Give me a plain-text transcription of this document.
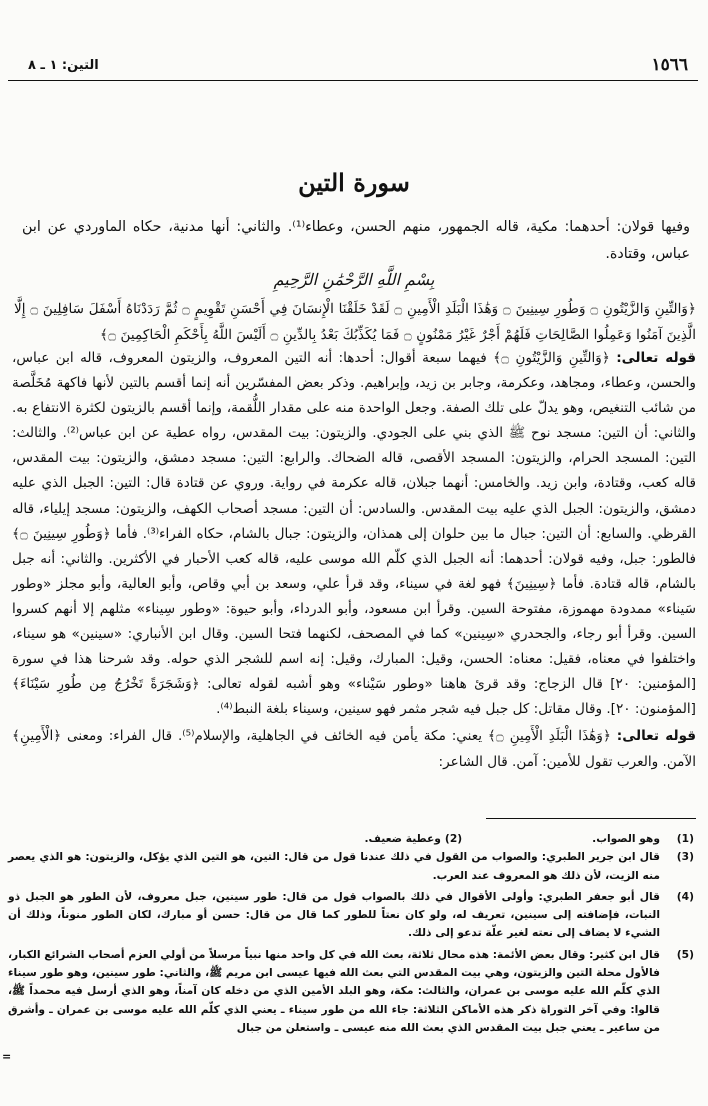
١٥٦٦
التين: ١ ـ ٨
سورة التين
وفيها قولان: أحدهما: مكية، قاله الجمهور، منهم الحسن، وعطاء⁽¹⁾. والثاني: أنها مدنية، حكاه الماوردي عن ابن عباس، وقتادة.
بِسْمِ اللَّهِ الرَّحْمَٰنِ الرَّحِيمِ
﴿وَالتِّينِ وَالزَّيْتُونِ ۝ وَطُورِ سِينِينَ ۝ وَهَٰذَا الْبَلَدِ الْأَمِينِ ۝ لَقَدْ خَلَقْنَا الْإِنسَانَ فِي أَحْسَنِ تَقْوِيمٍ ۝ ثُمَّ رَدَدْنَاهُ أَسْفَلَ سَافِلِينَ ۝ إِلَّا الَّذِينَ آمَنُوا وَعَمِلُوا الصَّالِحَاتِ فَلَهُمْ أَجْرٌ غَيْرُ مَمْنُونٍ ۝ فَمَا يُكَذِّبُكَ بَعْدُ بِالدِّينِ ۝ أَلَيْسَ اللَّهُ بِأَحْكَمِ الْحَاكِمِينَ ۝﴾

قوله تعالى: ﴿وَالتِّينِ وَالزَّيْتُونِ ۝﴾ فيهما سبعة أقوال: أحدها: أنه التين المعروف، والزيتون المعروف، قاله ابن عباس، والحسن، وعطاء، ومجاهد، وعكرمة، وجابر بن زيد، وإبراهيم. وذكر بعض المفسّرين أنه إنما أقسم بالتين لأنها فاكهة مُخَلَّصة من شائب التنغيص، وهو يدلّ على تلك الصفة. وجعل الواحدة منه على مقدار اللُّقمة، وإنما أقسم بالزيتون لكثرة الانتفاع به. والثاني: أن التين: مسجد نوح ﷺ الذي بني على الجودي. والزيتون: بيت المقدس، رواه عطية عن ابن عباس⁽²⁾. والثالث: التين: المسجد الحرام، والزيتون: المسجد الأقصى، قاله الضحاك. والرابع: التين: مسجد دمشق، والزيتون: بيت المقدس، قاله كعب، وقتادة، وابن زيد. والخامس: أنهما جبلان، قاله عكرمة في رواية. وروي عن قتادة قال: التين: الجبل الذي عليه دمشق، والزيتون: الجبل الذي عليه بيت المقدس. والسادس: أن التين: مسجد أصحاب الكهف، والزيتون: مسجد إيلياء، قاله القرظي. والسابع: أن التين: جبال ما بين حلوان إلى همذان، والزيتون: جبال بالشام، حكاه الفراء⁽³⁾. فأما ﴿وَطُورِ سِينِينَ ۝﴾ فالطور: جبل، وفيه قولان: أحدهما: أنه الجبل الذي كلّم الله موسى عليه، قاله كعب الأحبار في الأكثرين. والثاني: أنه جبل بالشام، قاله قتادة. فأما ﴿سِينِينَ﴾ فهو لغة في سيناء، وقد قرأ علي، وسعد بن أبي وقاص، وأبو العالية، وأبو مجلز «وطور سَيناء» ممدودة مهموزة، مفتوحة السين. وقرأ ابن مسعود، وأبو الدرداء، وأبو حيوة: «وطور سِيناء» مثلهم إلا أنهم كسروا السين. وقرأ أبو رجاء، والجحدري «سِينين» كما في المصحف، لكنهما فتحا السين. وقال ابن الأنباري: «سينين» هو سيناء، واختلفوا في معناه، فقيل: معناه: الحسن، وقيل: المبارك، وقيل: إنه اسم للشجر الذي حوله. وقد شرحنا هذا في سورة [المؤمنين: ٢٠] قال الزجاج: وقد قرئ هاهنا «وطور سَيْناء» وهو أشبه لقوله تعالى: ﴿وَشَجَرَةً تَخْرُجُ مِن طُورِ سَيْنَاءَ﴾ [المؤمنون: ٢٠]. وقال مقاتل: كل جبل فيه شجر مثمر فهو سينين، وسيناء بلغة النبط⁽⁴⁾.

قوله تعالى: ﴿وَهَٰذَا الْبَلَدِ الْأَمِينِ ۝﴾ يعني: مكة يأمن فيه الخائف في الجاهلية، والإسلام⁽⁵⁾. قال الفراء: ومعنى ﴿الْأَمِينِ﴾ الآمن. والعرب تقول للأمين: آمن. قال الشاعر:

(1)
وهو الصواب.
(2)
وعطية ضعيف.
(3)
قال ابن جرير الطبري: والصواب من القول في ذلك عندنا قول من قال: التين، هو التين الذي يؤكل، والزيتون: هو الذي يعصر منه الزيت، لأن ذلك هو المعروف عند العرب.
(4)
قال أبو جعفر الطبري: وأولى الأقوال في ذلك بالصواب قول من قال: طور سينين، جبل معروف، لأن الطور هو الجبل ذو النبات، فإضافته إلى سينين، تعريف له، ولو كان نعتاً للطور كما قال من قال: حسن أو مبارك، لكان الطور منوناً، وذلك أن الشيء لا يضاف إلى نعته لغير علّة تدعو إلى ذلك.
(5)
قال ابن كثير: وقال بعض الأئمة: هذه محال ثلاثة، بعث الله في كل واحد منها نبياً مرسلاً من أولي العزم أصحاب الشرائع الكبار، فالأول محلة التين والزيتون، وهي بيت المقدس التي بعث الله فيها عيسى ابن مريم ﷺ، والثاني: طور سينين، وهو طور سيناء الذي كلّم الله عليه موسى بن عمران، والثالث: مكة، وهو البلد الأمين الذي من دخله كان آمناً، وهو الذي أرسل فيه محمداً ﷺ، قالوا: وفي آخر التوراة ذكر هذه الأماكن الثلاثة: جاء الله من طور سيناء ـ يعني الذي كلّم الله عليه موسى بن عمران ـ وأشرق من ساعير ـ يعني جبل بيت المقدس الذي بعث الله منه عيسى ـ واستعلن من جبال
=
